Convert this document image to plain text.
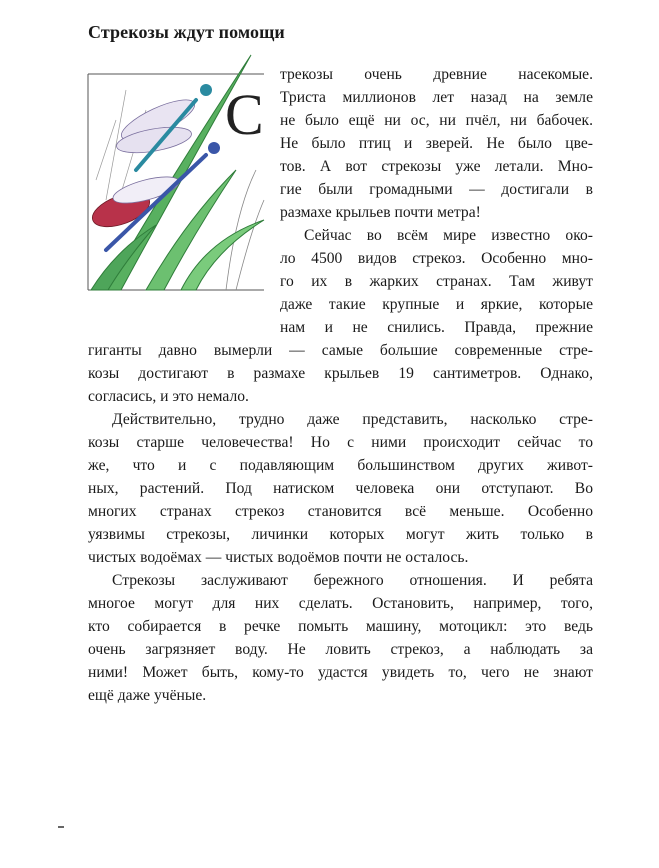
Стрекозы ждут помощи
С
трекозы очень древние насекомые.
Триста миллионов лет назад на земле
не было ещё ни ос, ни пчёл, ни бабочек.
Не было птиц и зверей. Не было цве-
тов. А вот стрекозы уже летали. Мно-
гие были громадными — достигали в
размахе крыльев почти метра!
Сейчас во всём мире известно око-
ло 4500 видов стрекоз. Особенно мно-
го их в жарких странах. Там живут
даже такие крупные и яркие, которые
нам и не снились. Правда, прежние
гиганты давно вымерли — самые большие современные стре-
козы достигают в размахе крыльев 19 сантиметров. Однако,
согласись, и это немало.
Действительно, трудно даже представить, насколько стре-
козы старше человечества! Но с ними происходит сейчас то
же, что и с подавляющим большинством других живот-
ных, растений. Под натиском человека они отступают. Во
многих странах стрекоз становится всё меньше. Особенно
уязвимы стрекозы, личинки которых могут жить только в
чистых водоёмах — чистых водоёмов почти не осталось.
Стрекозы заслуживают бережного отношения. И ребята
многое могут для них сделать. Остановить, например, того,
кто собирается в речке помыть машину, мотоцикл: это ведь
очень загрязняет воду. Не ловить стрекоз, а наблюдать за
ними! Может быть, кому-то удастся увидеть то, чего не знают
ещё даже учёные.
